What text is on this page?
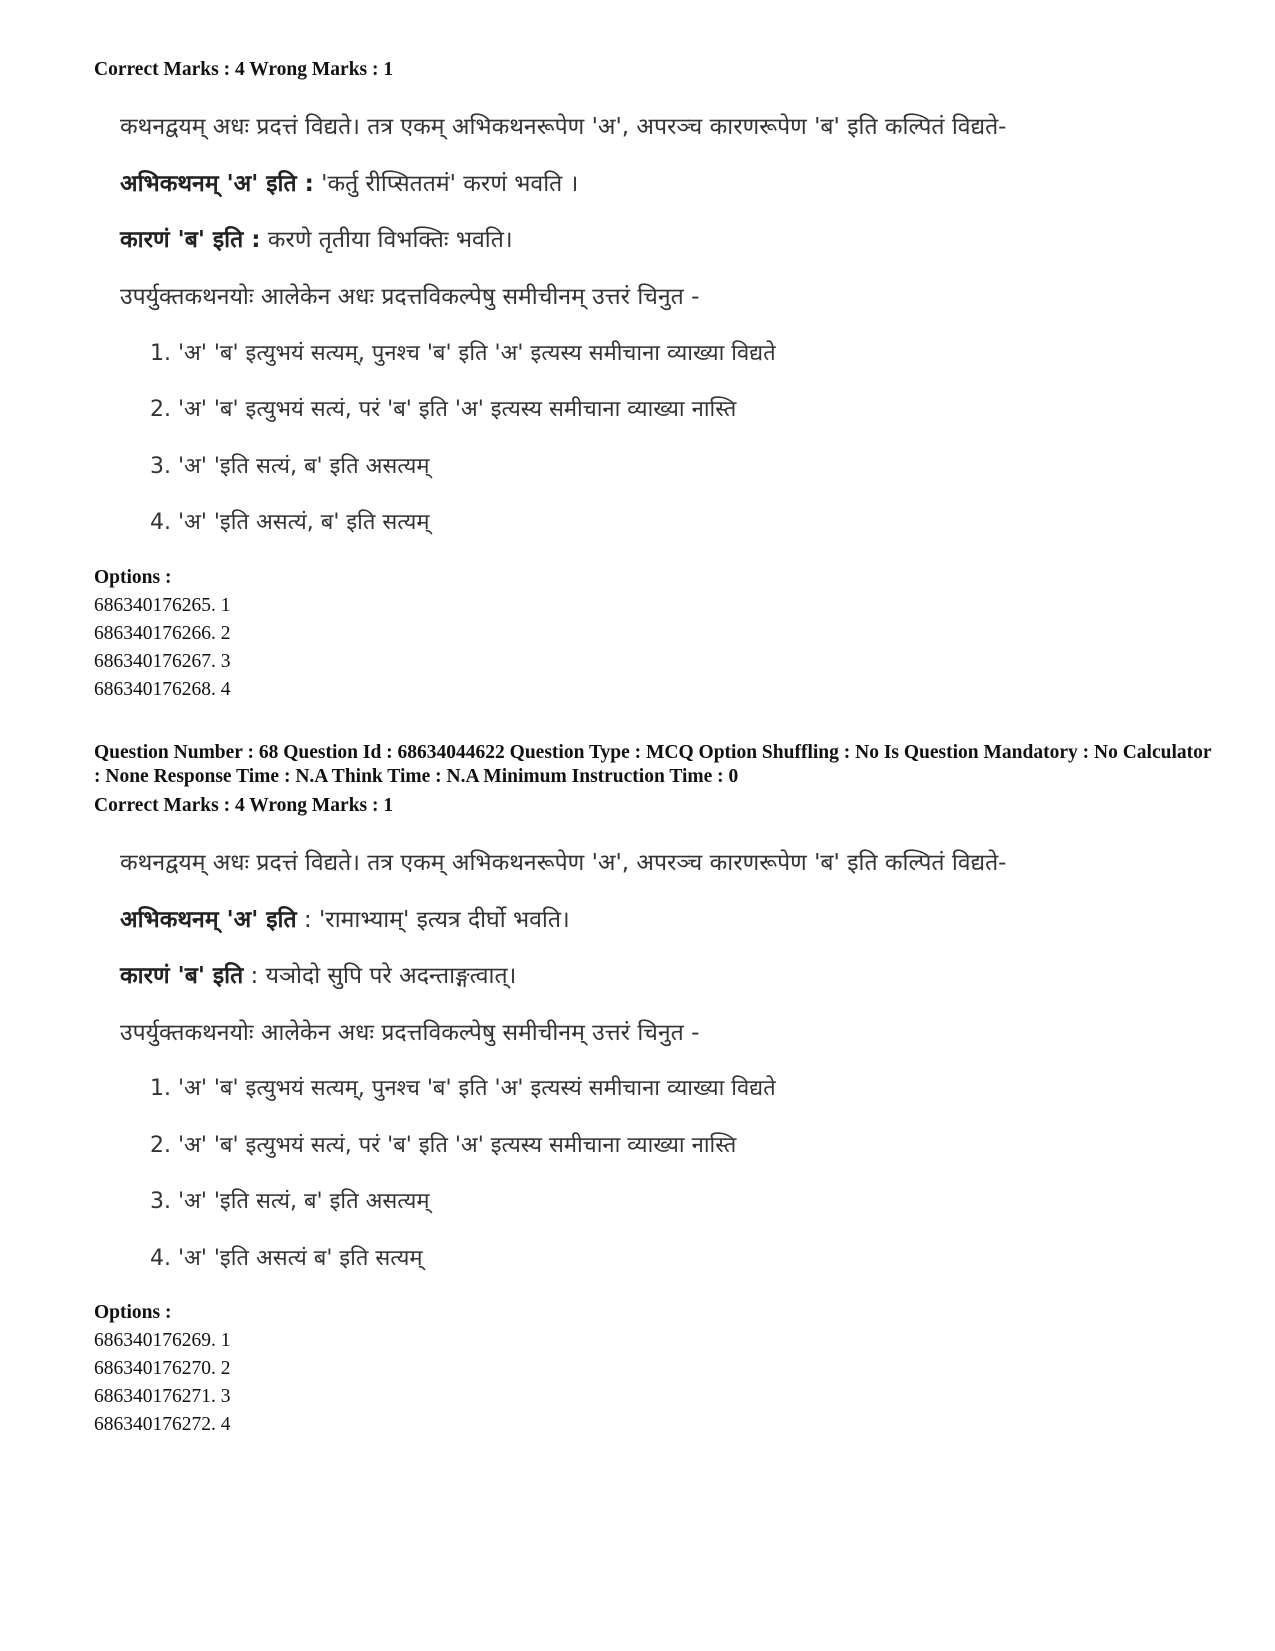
Correct Marks : 4 Wrong Marks : 1

कथनद्वयम् अधः प्रदत्तं विद्यते। तत्र एकम् अभिकथनरूपेण 'अ', अपरञ्च कारणरूपेण 'ब' इति कल्पितं विद्यते-

अभिकथनम् 'अ' इति : 'कर्तु रीप्सिततमं' करणं भवति ।

कारणं 'ब' इति : करणे तृतीया विभक्तिः भवति।

उपर्युक्तकथनयोः आलेकेन अधः प्रदत्तविकल्पेषु समीचीनम् उत्तरं चिनुत -

1. 'अ' 'ब' इत्युभयं सत्यम्, पुनश्च 'ब' इति 'अ' इत्यस्य समीचाना व्याख्या विद्यते

2. 'अ' 'ब' इत्युभयं सत्यं, परं 'ब' इति 'अ' इत्यस्य समीचाना व्याख्या नास्ति

3. 'अ' 'इति सत्यं, ब' इति असत्यम्

4. 'अ' 'इति असत्यं, ब' इति सत्यम्

Options :

686340176265. 1

686340176266. 2

686340176267. 3

686340176268. 4

Question Number : 68 Question Id : 68634044622 Question Type : MCQ Option Shuffling : No Is Question Mandatory : No Calculator : None Response Time : N.A Think Time : N.A Minimum Instruction Time : 0

Correct Marks : 4 Wrong Marks : 1

कथनद्वयम् अधः प्रदत्तं विद्यते। तत्र एकम् अभिकथनरूपेण 'अ', अपरञ्च कारणरूपेण 'ब' इति कल्पितं विद्यते-

अभिकथनम् 'अ' इति : 'रामाभ्याम्' इत्यत्र दीर्घो भवति।

कारणं 'ब' इति : यञोदो सुपि परे अदन्ताङ्गत्वात्।

उपर्युक्तकथनयोः आलेकेन अधः प्रदत्तविकल्पेषु समीचीनम् उत्तरं चिनुत -

1. 'अ' 'ब' इत्युभयं सत्यम्, पुनश्च 'ब' इति 'अ' इत्यस्यं समीचाना व्याख्या विद्यते

2. 'अ' 'ब' इत्युभयं सत्यं, परं 'ब' इति 'अ' इत्यस्य समीचाना व्याख्या नास्ति

3. 'अ' 'इति सत्यं, ब' इति असत्यम्

4. 'अ' 'इति असत्यं ब' इति सत्यम्

Options :

686340176269. 1

686340176270. 2

686340176271. 3

686340176272. 4
